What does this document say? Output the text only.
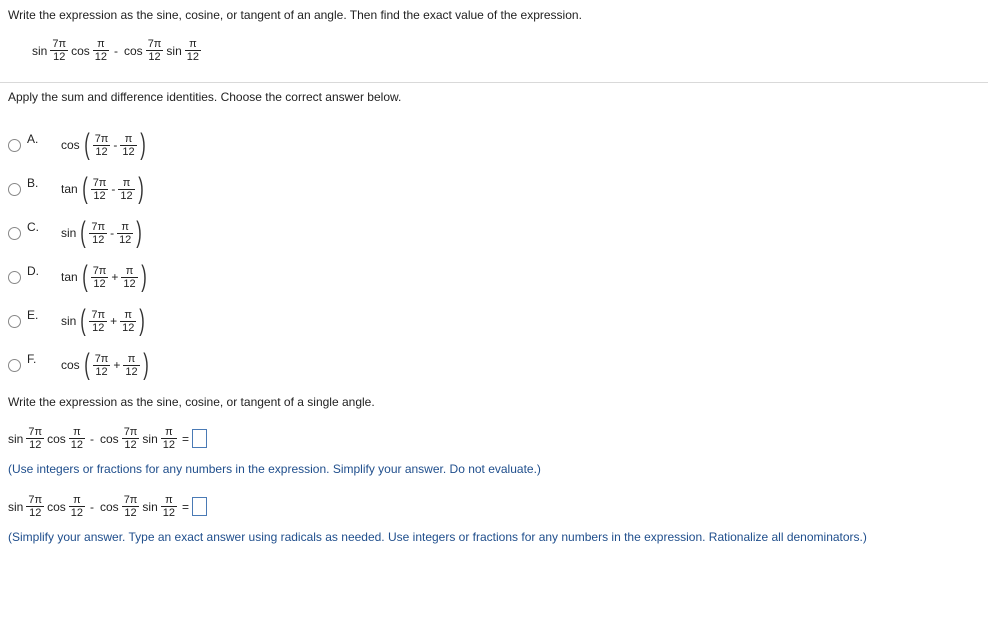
Write the expression as the sine, cosine, or tangent of an angle. Then find the exact value of the expression.
$\sin \frac{7\pi}{12}$ $\cos \frac{\pi}{12}$ - $\cos \frac{7\pi}{12}$ $\sin \frac{\pi}{12}$
Apply the sum and difference identities. Choose the correct answer below.
A.	cos ( $\frac{7\pi}{12} - \frac{\pi}{12}$ )
B.	tan ( $\frac{7\pi}{12} - \frac{\pi}{12}$ )
C.	sin ( $\frac{7\pi}{12} - \frac{\pi}{12}$ )
D.	tan ( $\frac{7\pi}{12} + \frac{\pi}{12}$ )
E.	sin ( $\frac{7\pi}{12} + \frac{\pi}{12}$ )
F.	cos ( $\frac{7\pi}{12} + \frac{\pi}{12}$ )
Write the expression as the sine, cosine, or tangent of a single angle.
$\sin \frac{7\pi}{12}$ $\cos \frac{\pi}{12}$ - $\cos \frac{7\pi}{12}$ $\sin \frac{\pi}{12}$ =
(Use integers or fractions for any numbers in the expression. Simplify your answer. Do not evaluate.)
$\sin \frac{7\pi}{12}$ $\cos \frac{\pi}{12}$ - $\cos \frac{7\pi}{12}$ $\sin \frac{\pi}{12}$ =
(Simplify your answer. Type an exact answer using radicals as needed. Use integers or fractions for any numbers in the expression. Rationalize all denominators.)
